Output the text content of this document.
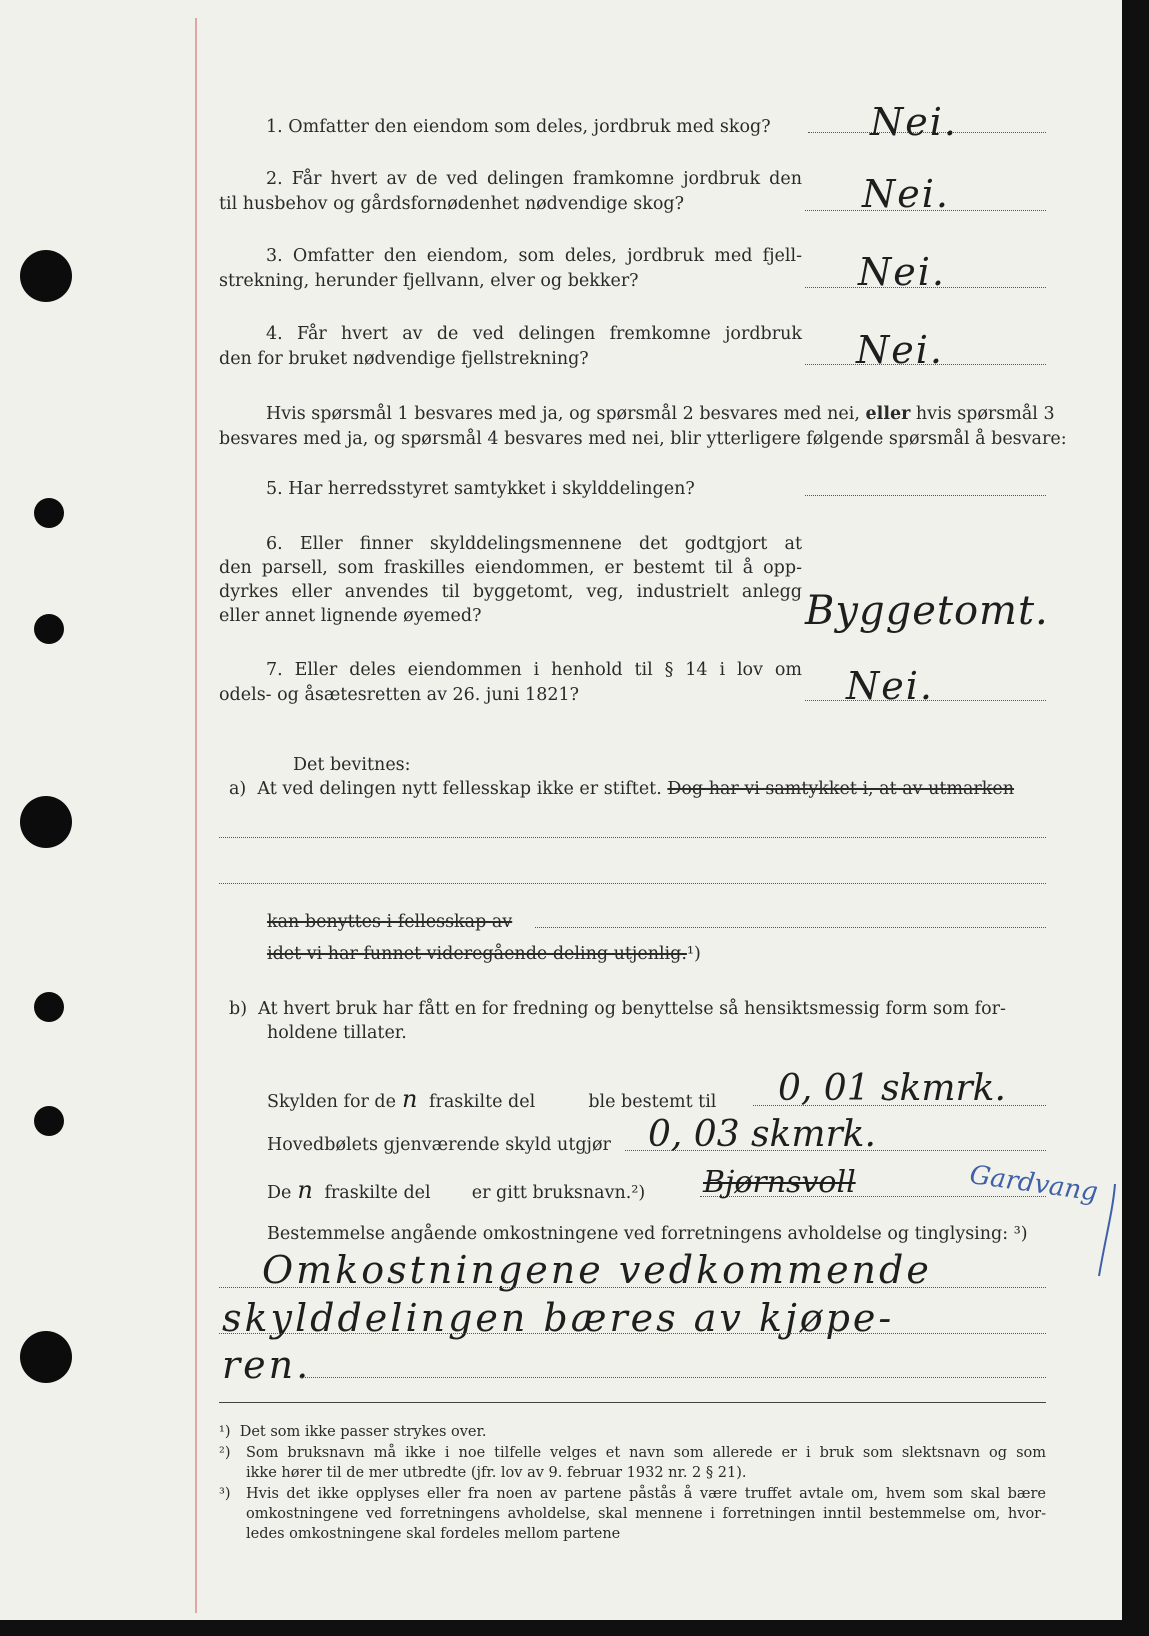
1. Omfatter den eiendom som deles, jordbruk med skog?	Nei.
2. Får hvert av de ved delingen framkomne jordbruk den
til husbehov og gårdsfornødenhet nødvendige skog?	Nei.
3. Omfatter den eiendom, som deles, jordbruk med fjell-
strekning, herunder fjellvann, elver og bekker?	Nei.
4. Får hvert av de ved delingen fremkomne jordbruk
den for bruket nødvendige fjellstrekning?	Nei.
Hvis spørsmål 1 besvares med ja, og spørsmål 2 besvares med nei, eller hvis spørsmål 3
besvares med ja, og spørsmål 4 besvares med nei, blir ytterligere følgende spørsmål å besvare:
5. Har herredsstyret samtykket i skylddelingen?
6. Eller finner skylddelingsmennene det godtgjort at
den parsell, som fraskilles eiendommen, er bestemt til å opp-
dyrkes eller anvendes til byggetomt, veg, industrielt anlegg
eller annet lignende øyemed?	Byggetomt.
7. Eller deles eiendommen i henhold til § 14 i lov om
odels- og åsætesretten av 26. juni 1821?	Nei.
Det bevitnes:
a) At ved delingen nytt fellesskap ikke er stiftet. Dog har vi samtykket i, at av utmarken
kan benyttes i fellesskap av
idet vi har funnet videregående deling utjenlig.¹)
b) At hvert bruk har fått en for fredning og benyttelse så hensiktsmessig form som for-
holdene tillater.
Skylden for de n fraskilte del	ble bestemt til 0, 01 skmrk.
Hovedbølets gjenværende skyld utgjør 0, 03 skmrk.
De n fraskilte del er gitt bruksnavn.²) Bjørnsvoll	Gardvang
Bestemmelse angående omkostningene ved forretningens avholdelse og tinglysing: ³)
Omkostningene vedkommende
skylddelingen bæres av kjøpe-
ren.
¹) Det som ikke passer strykes over.
²) Som bruksnavn må ikke i noe tilfelle velges et navn som allerede er i bruk som slektsnavn og som
ikke hører til de mer utbredte (jfr. lov av 9. februar 1932 nr. 2 § 21).
³) Hvis det ikke opplyses eller fra noen av partene påstås å være truffet avtale om, hvem som skal bære
omkostningene ved forretningens avholdelse, skal mennene i forretningen inntil bestemmelse om, hvor-
ledes omkostningene skal fordeles mellom partene
